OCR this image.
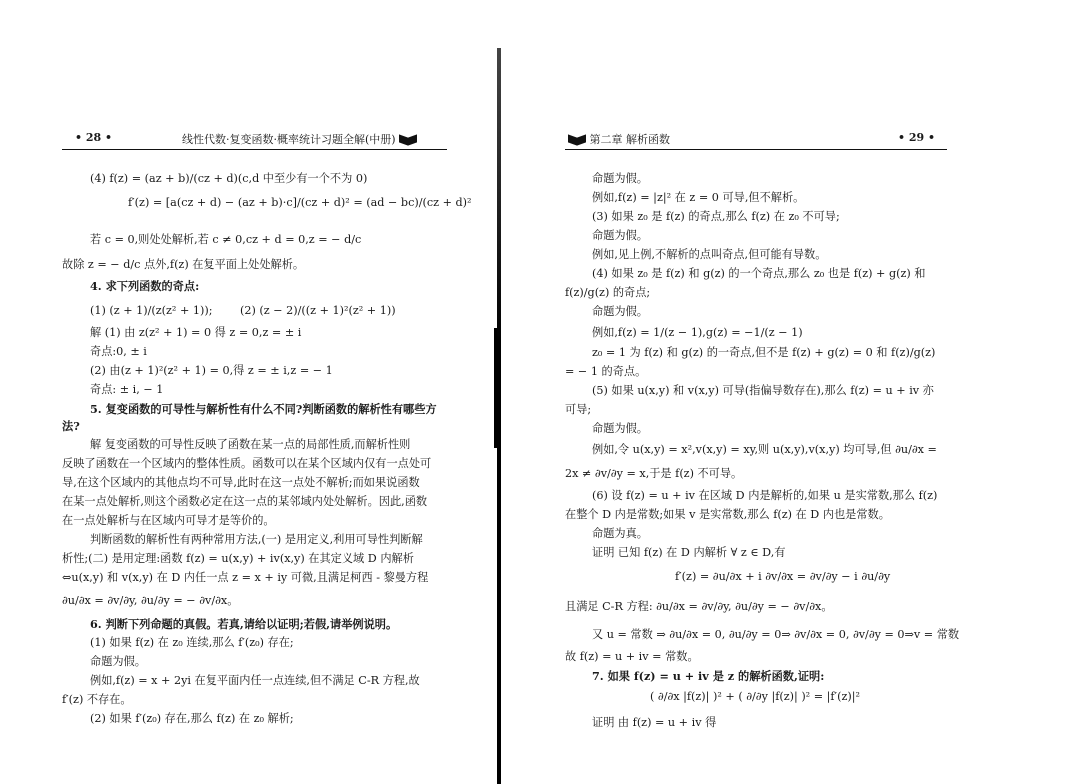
• 28 •	线性代数·复变函数·概率统计习题全解(中册)
(4) f(z) = (az + b)/(cz + d)(c,d 中至少有一个不为 0)
f′(z) = [a(cz + d) − (az + b)·c]/(cz + d)² = (ad − bc)/(cz + d)²
若 c = 0,则处处解析,若 c ≠ 0,cz + d = 0,z = − d/c
故除 z = − d/c 点外,f(z) 在复平面上处处解析。
4. 求下列函数的奇点:
(1) (z + 1)/(z(z² + 1)); (2) (z − 2)/((z + 1)²(z² + 1))
解 (1) 由 z(z² + 1) = 0 得 z = 0,z = ± i
奇点:0, ± i
(2) 由(z + 1)²(z² + 1) = 0,得 z = ± i,z = − 1
奇点: ± i, − 1
5. 复变函数的可导性与解析性有什么不同?判断函数的解析性有哪些方
法?
解 复变函数的可导性反映了函数在某一点的局部性质,而解析性则
反映了函数在一个区域内的整体性质。函数可以在某个区域内仅有一点处可
导,在这个区域内的其他点均不可导,此时在这一点处不解析;而如果说函数
在某一点处解析,则这个函数必定在这一点的某邻域内处处解析。因此,函数
在一点处解析与在区域内可导才是等价的。
判断函数的解析性有两种常用方法,(一) 是用定义,利用可导性判断解
析性;(二) 是用定理:函数 f(z) = u(x,y) + iv(x,y) 在其定义域 D 内解析
⇔u(x,y) 和 v(x,y) 在 D 内任一点 z = x + iy 可微,且满足柯西 - 黎曼方程
∂u/∂x = ∂v/∂y, ∂u/∂y = − ∂v/∂x。
6. 判断下列命题的真假。若真,请给以证明;若假,请举例说明。
(1) 如果 f(z) 在 z₀ 连续,那么 f′(z₀) 存在;
命题为假。
例如,f(z) = x + 2yi 在复平面内任一点连续,但不满足 C-R 方程,故
f′(z) 不存在。
(2) 如果 f′(z₀) 存在,那么 f(z) 在 z₀ 解析;
第二章 解析函数	• 29 •
命题为假。
例如,f(z) = |z|² 在 z = 0 可导,但不解析。
(3) 如果 z₀ 是 f(z) 的奇点,那么 f(z) 在 z₀ 不可导;
命题为假。
例如,见上例,不解析的点叫奇点,但可能有导数。
(4) 如果 z₀ 是 f(z) 和 g(z) 的一个奇点,那么 z₀ 也是 f(z) + g(z) 和
f(z)/g(z) 的奇点;
命题为假。
例如,f(z) = 1/(z − 1),g(z) = −1/(z − 1)
z₀ = 1 为 f(z) 和 g(z) 的一奇点,但不是 f(z) + g(z) = 0 和 f(z)/g(z)
= − 1 的奇点。
(5) 如果 u(x,y) 和 v(x,y) 可导(指偏导数存在),那么 f(z) = u + iv 亦
可导;
命题为假。
例如,令 u(x,y) = x²,v(x,y) = xy,则 u(x,y),v(x,y) 均可导,但 ∂u/∂x =
2x ≠ ∂v/∂y = x,于是 f(z) 不可导。
(6) 设 f(z) = u + iv 在区域 D 内是解析的,如果 u 是实常数,那么 f(z)
在整个 D 内是常数;如果 v 是实常数,那么 f(z) 在 D 内也是常数。
命题为真。
证明 已知 f(z) 在 D 内解析 ∀ z ∈ D,有
f′(z) = ∂u/∂x + i ∂v/∂x = ∂v/∂y − i ∂u/∂y
且满足 C-R 方程: ∂u/∂x = ∂v/∂y, ∂u/∂y = − ∂v/∂x。
又 u = 常数 ⇒ ∂u/∂x = 0, ∂u/∂y = 0⇒ ∂v/∂x = 0, ∂v/∂y = 0⇒v = 常数
故 f(z) = u + iv = 常数。
7. 如果 f(z) = u + iv 是 z 的解析函数,证明:
( ∂/∂x |f(z)| )² + ( ∂/∂y |f(z)| )² = |f′(z)|²
证明 由 f(z) = u + iv 得
